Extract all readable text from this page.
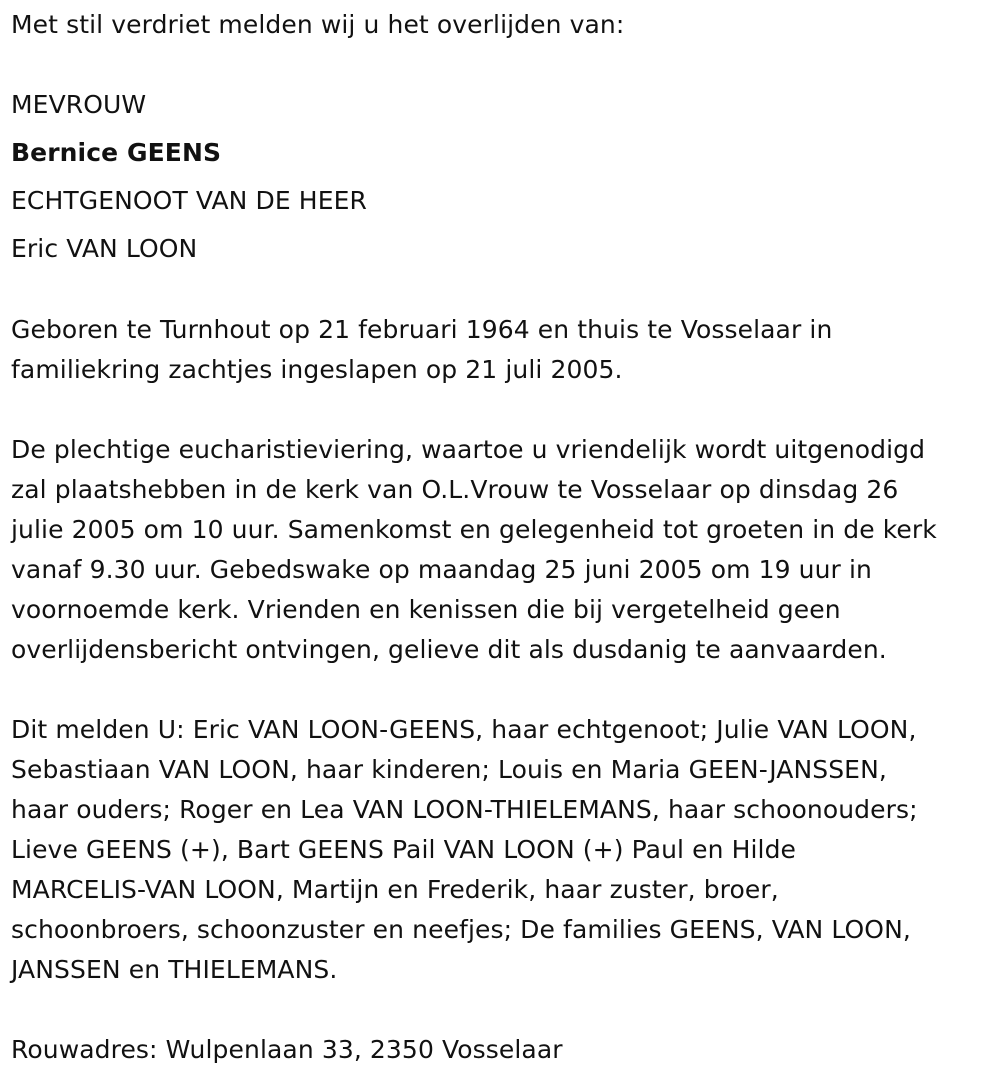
Met stil verdriet melden wij u het overlijden van:

MEVROUW

Bernice GEENS

ECHTGENOOT VAN DE HEER

Eric VAN LOON

Geboren te Turnhout op 21 februari 1964 en thuis te Vosselaar in

familiekring zachtjes ingeslapen op 21 juli 2005.

De plechtige eucharistieviering, waartoe u vriendelijk wordt uitgenodigd

zal plaatshebben in de kerk van O.L.Vrouw te Vosselaar op dinsdag 26

julie 2005 om 10 uur. Samenkomst en gelegenheid tot groeten in de kerk

vanaf 9.30 uur. Gebedswake op maandag 25 juni 2005 om 19 uur in

voornoemde kerk. Vrienden en kenissen die bij vergetelheid geen

overlijdensbericht ontvingen, gelieve dit als dusdanig te aanvaarden.

Dit melden U: Eric VAN LOON-GEENS, haar echtgenoot; Julie VAN LOON,

Sebastiaan VAN LOON, haar kinderen; Louis en Maria GEEN-JANSSEN,

haar ouders; Roger en Lea VAN LOON-THIELEMANS, haar schoonouders;

Lieve GEENS (+), Bart GEENS Pail VAN LOON (+) Paul en Hilde

MARCELIS-VAN LOON, Martijn en Frederik, haar zuster, broer,

schoonbroers, schoonzuster en neefjes; De families GEENS, VAN LOON,

JANSSEN en THIELEMANS.

Rouwadres: Wulpenlaan 33, 2350 Vosselaar
